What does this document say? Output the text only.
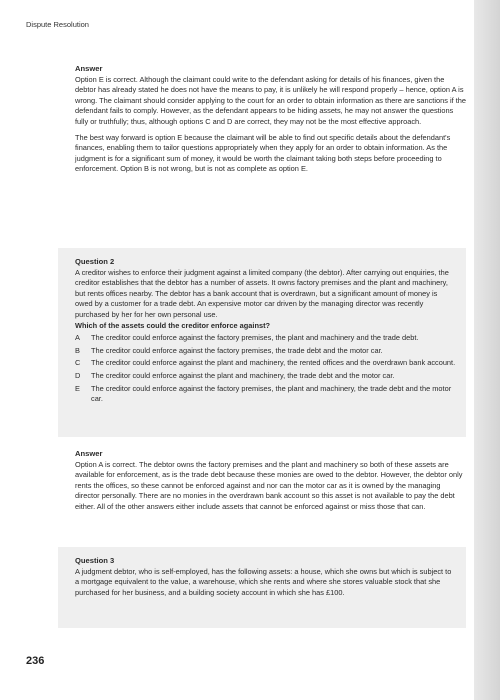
Dispute Resolution

Answer

Option E is correct. Although the claimant could write to the defendant asking for details of his finances, given the debtor has already stated he does not have the means to pay, it is unlikely he will respond properly – hence, option A is wrong. The claimant should consider applying to the court for an order to obtain information as there are sanctions if the defendant fails to comply. However, as the defendant appears to be hiding assets, he may not answer the questions fully or truthfully; thus, although options C and D are correct, they may not be the most effective approach.

The best way forward is option E because the claimant will be able to find out specific details about the defendant's finances, enabling them to tailor questions appropriately when they apply for an order to obtain information. As the judgment is for a significant sum of money, it would be worth the claimant taking both steps before proceeding to enforcement. Option B is not wrong, but is not as complete as option E.

Question 2

A creditor wishes to enforce their judgment against a limited company (the debtor). After carrying out enquiries, the creditor establishes that the debtor has a number of assets. It owns factory premises and the plant and machinery, but rents offices nearby. The debtor has a bank account that is overdrawn, but a significant amount of money is owed by a customer for a trade debt. An expensive motor car driven by the managing director was recently purchased by her for her own personal use.

Which of the assets could the creditor enforce against?

A	The creditor could enforce against the factory premises, the plant and machinery and the trade debt.
B	The creditor could enforce against the factory premises, the trade debt and the motor car.
C	The creditor could enforce against the plant and machinery, the rented offices and the overdrawn bank account.
D	The creditor could enforce against the plant and machinery, the trade debt and the motor car.
E	The creditor could enforce against the factory premises, the plant and machinery, the trade debt and the motor car.

Answer

Option A is correct. The debtor owns the factory premises and the plant and machinery so both of these assets are available for enforcement, as is the trade debt because these monies are owed to the debtor. However, the debtor only rents the offices, so these cannot be enforced against and nor can the motor car as it is owned by the managing director personally. There are no monies in the overdrawn bank account so this asset is not available to pay the debt either. All of the other answers either include assets that cannot be enforced against or miss those that can.

Question 3

A judgment debtor, who is self-employed, has the following assets: a house, which she owns but which is subject to a mortgage equivalent to the value, a warehouse, which she rents and where she stores valuable stock that she purchased for her business, and a building society account in which she has £100.

236
